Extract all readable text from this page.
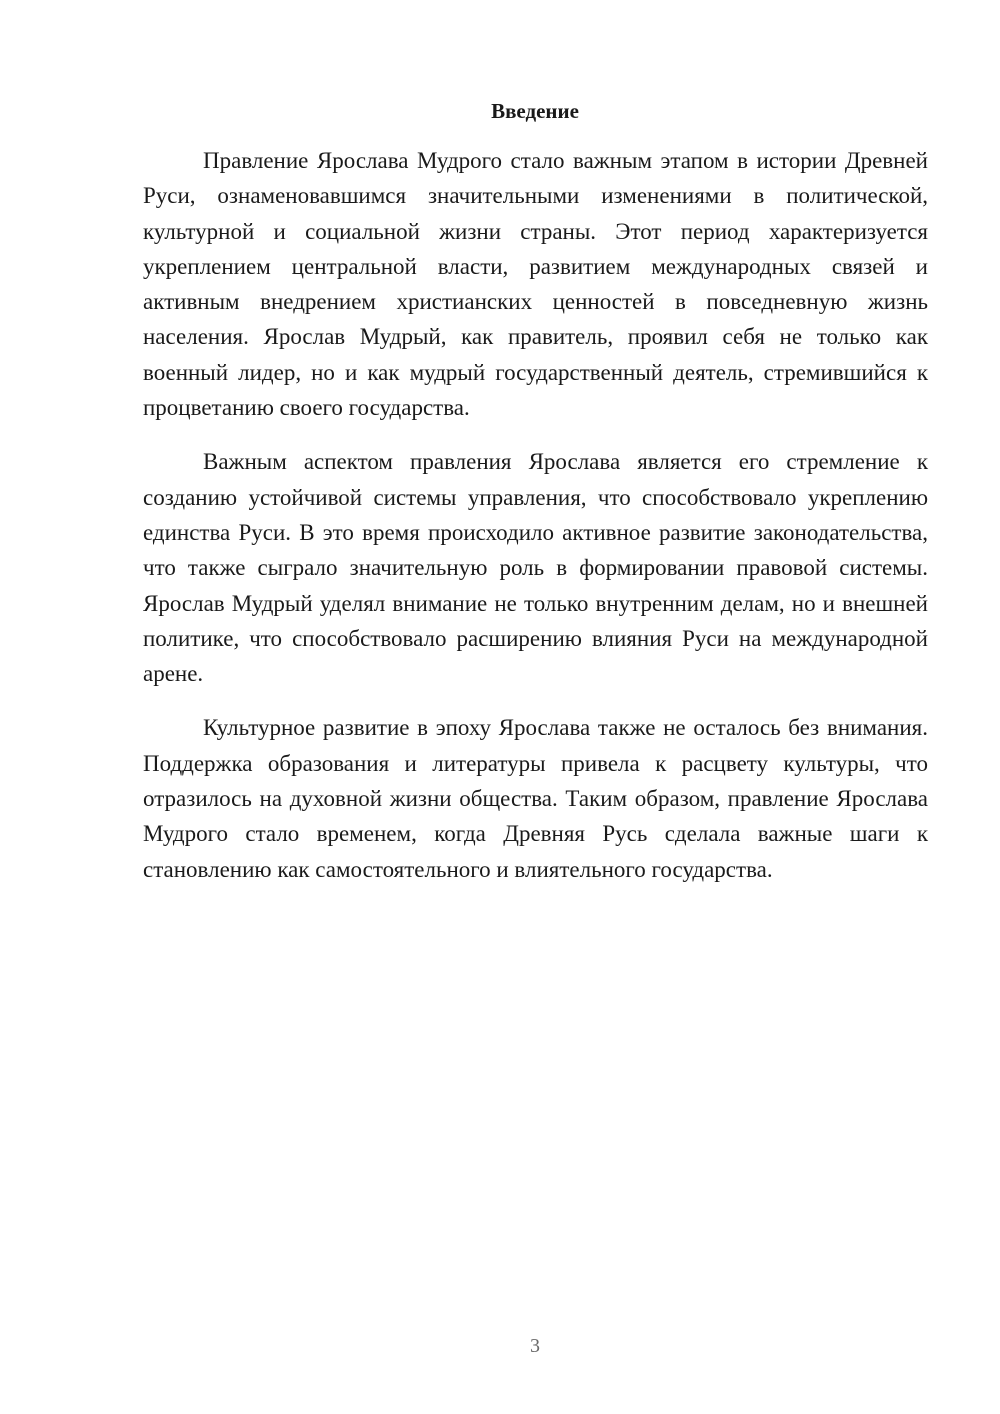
Введение

Правление Ярослава Мудрого стало важным этапом в истории Древней Руси, ознаменовавшимся значительными изменениями в политической, культурной и социальной жизни страны. Этот период характеризуется укреплением центральной власти, развитием международных связей и активным внедрением христианских ценностей в повседневную жизнь населения. Ярослав Мудрый, как правитель, проявил себя не только как военный лидер, но и как мудрый государственный деятель, стремившийся к процветанию своего государства.

Важным аспектом правления Ярослава является его стремление к созданию устойчивой системы управления, что способствовало укреплению единства Руси. В это время происходило активное развитие законодательства, что также сыграло значительную роль в формировании правовой системы. Ярослав Мудрый уделял внимание не только внутренним делам, но и внешней политике, что способствовало расширению влияния Руси на международной арене.

Культурное развитие в эпоху Ярослава также не осталось без внимания. Поддержка образования и литературы привела к расцвету культуры, что отразилось на духовной жизни общества. Таким образом, правление Ярослава Мудрого стало временем, когда Древняя Русь сделала важные шаги к становлению как самостоятельного и влиятельного государства.

3
